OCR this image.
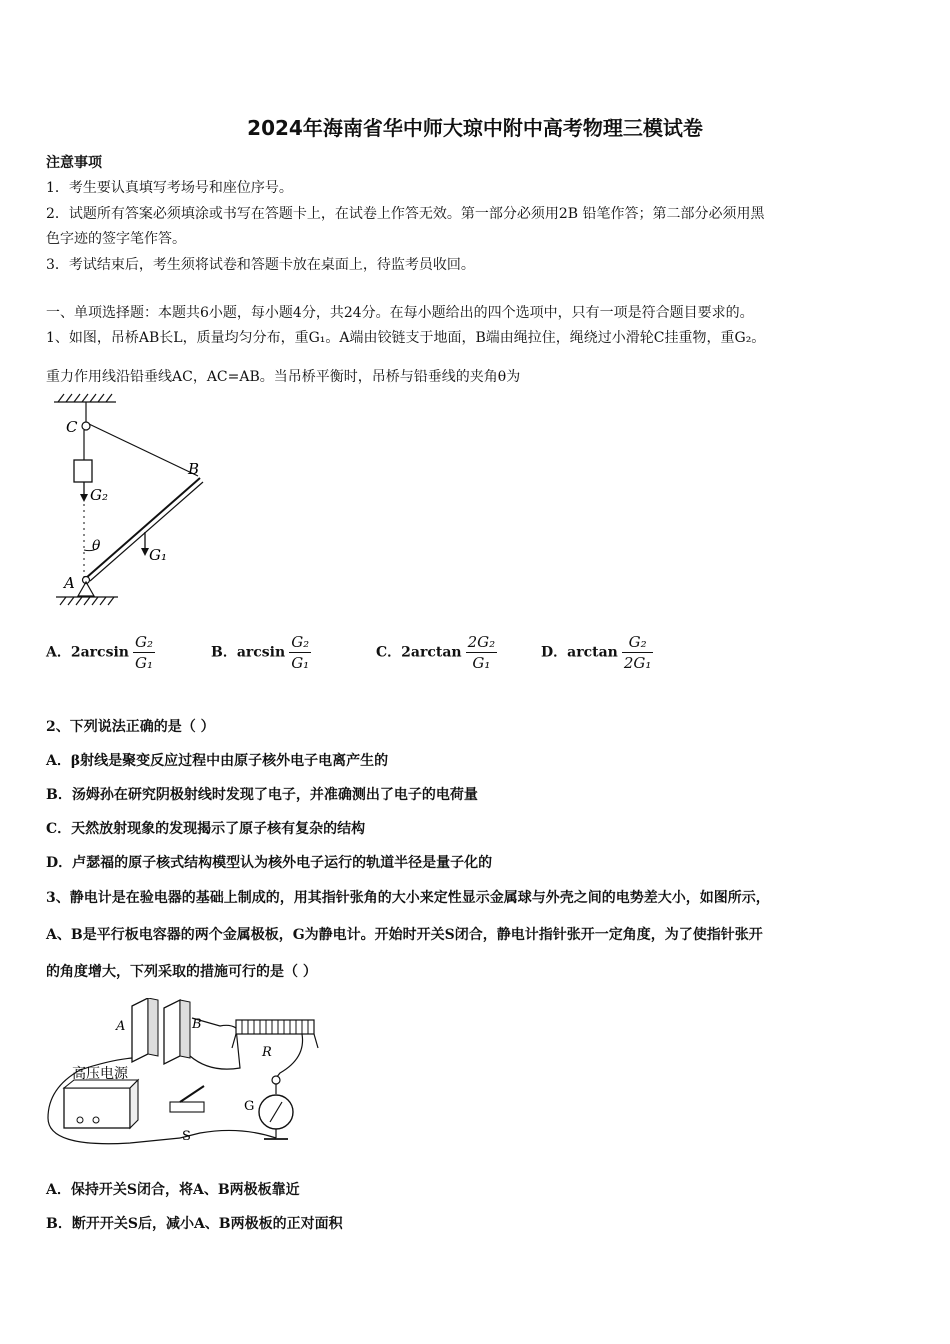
2024年海南省华中师大琼中附中高考物理三模试卷
注意事项
1．考生要认真填写考场号和座位序号。
2．试题所有答案必须填涂或书写在答题卡上，在试卷上作答无效。第一部分必须用2B 铅笔作答；第二部分必须用黑
色字迹的签字笔作答。
3．考试结束后，考生须将试卷和答题卡放在桌面上，待监考员收回。
一、单项选择题：本题共6小题，每小题4分，共24分。在每小题给出的四个选项中，只有一项是符合题目要求的。
1、如图，吊桥AB长L，质量均匀分布，重G₁。A端由铰链支于地面，B端由绳拉住，绳绕过小滑轮C挂重物，重G₂。
重力作用线沿铅垂线AC，AC=AB。当吊桥平衡时，吊桥与铅垂线的夹角θ为
C
B
A
G₂
G₁
θ
A．$2\arcsin \frac{\text{G₂}}{\text{G₁}}$	B．$\arcsin \frac{\text{G₂}}{\text{G₁}}$	C．$2\arctan \frac{\text{2G₂}}{\text{G₁}}$	D．$\arctan \frac{\text{G₂}}{\text{2G₁}}$
2、下列说法正确的是（ ）
A．β射线是聚变反应过程中由原子核外电子电离产生的
B．汤姆孙在研究阴极射线时发现了电子，并准确测出了电子的电荷量
C．天然放射现象的发现揭示了原子核有复杂的结构
D．卢瑟福的原子核式结构模型认为核外电子运行的轨道半径是量子化的
3、静电计是在验电器的基础上制成的，用其指针张角的大小来定性显示金属球与外壳之间的电势差大小，如图所示，
A、B是平行板电容器的两个金属极板，G为静电计。开始时开关S闭合，静电计指针张开一定角度，为了使指针张开
的角度增大，下列采取的措施可行的是（ ）
A	B
R
G
S
高压电源
A．保持开关S闭合，将A、B两极板靠近
B．断开开关S后，减小A、B两极板的正对面积
